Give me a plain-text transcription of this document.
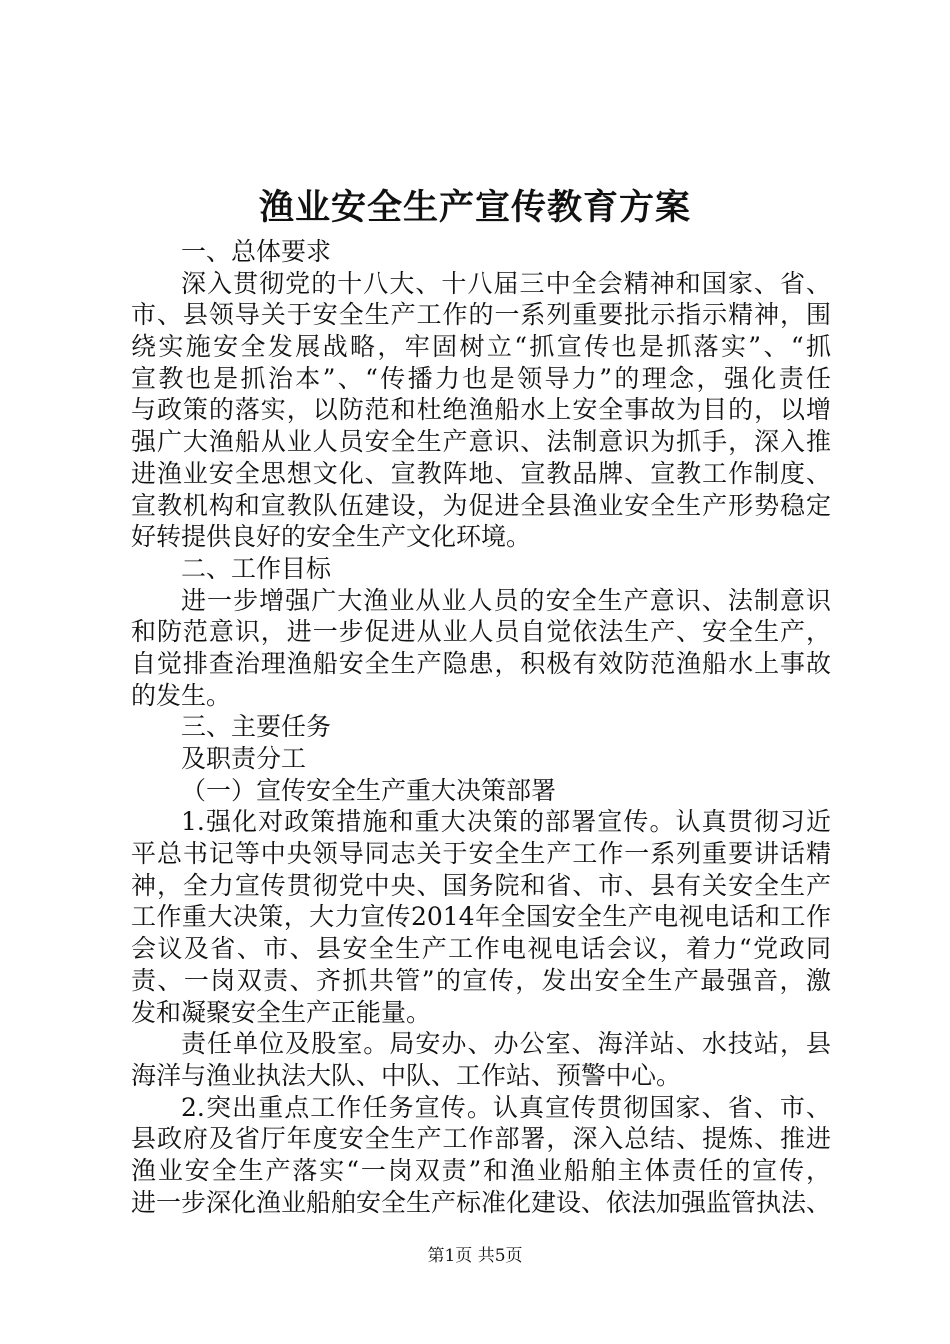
渔业安全生产宣传教育方案
一、总体要求
深入贯彻党的十八大、十八届三中全会精神和国家、省、
市、县领导关于安全生产工作的一系列重要批示指示精神，围
绕实施安全发展战略，牢固树立“抓宣传也是抓落实”、“抓
宣教也是抓治本”、“传播力也是领导力”的理念，强化责任
与政策的落实，以防范和杜绝渔船水上安全事故为目的，以增
强广大渔船从业人员安全生产意识、法制意识为抓手，深入推
进渔业安全思想文化、宣教阵地、宣教品牌、宣教工作制度、
宣教机构和宣教队伍建设，为促进全县渔业安全生产形势稳定
好转提供良好的安全生产文化环境。
二、工作目标
进一步增强广大渔业从业人员的安全生产意识、法制意识
和防范意识，进一步促进从业人员自觉依法生产、安全生产，
自觉排查治理渔船安全生产隐患，积极有效防范渔船水上事故
的发生。
三、主要任务
及职责分工
（一）宣传安全生产重大决策部署
1.强化对政策措施和重大决策的部署宣传。认真贯彻习近
平总书记等中央领导同志关于安全生产工作一系列重要讲话精
神，全力宣传贯彻党中央、国务院和省、市、县有关安全生产
工作重大决策，大力宣传2014年全国安全生产电视电话和工作
会议及省、市、县安全生产工作电视电话会议，着力“党政同
责、一岗双责、齐抓共管”的宣传，发出安全生产最强音，激
发和凝聚安全生产正能量。
责任单位及股室。局安办、办公室、海洋站、水技站，县
海洋与渔业执法大队、中队、工作站、预警中心。
2.突出重点工作任务宣传。认真宣传贯彻国家、省、市、
县政府及省厅年度安全生产工作部署，深入总结、提炼、推进
渔业安全生产落实“一岗双责”和渔业船舶主体责任的宣传，
进一步深化渔业船舶安全生产标准化建设、依法加强监管执法、
第1页 共5页
